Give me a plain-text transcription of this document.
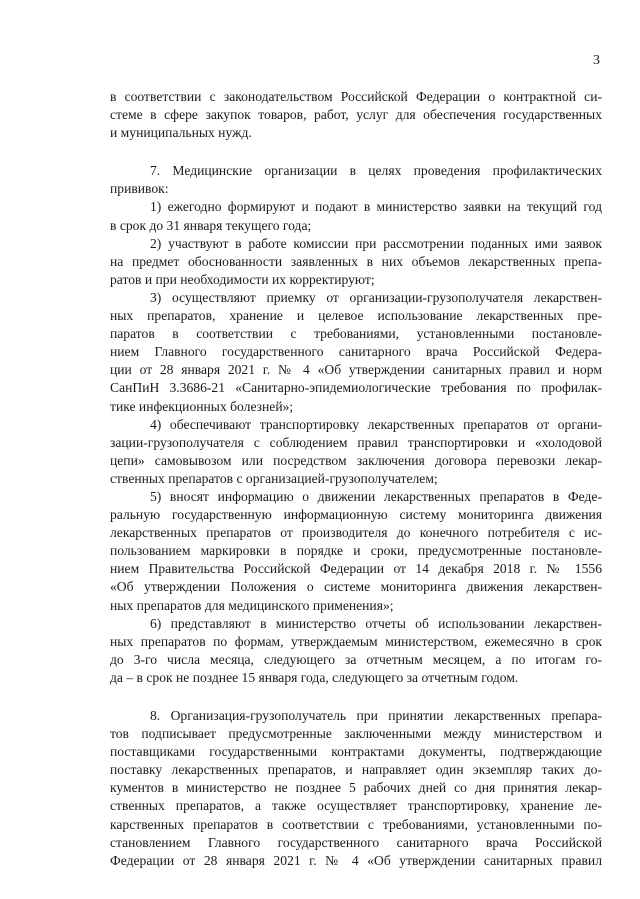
3
в соответствии с законодательством Российской Федерации о контрактной си-
стеме в сфере закупок товаров, работ, услуг для обеспечения государственных
и муниципальных нужд.
7. Медицинские организации в целях проведения профилактических
прививок:
1) ежегодно формируют и подают в министерство заявки на текущий год
в срок до 31 января текущего года;
2) участвуют в работе комиссии при рассмотрении поданных ими заявок
на предмет обоснованности заявленных в них объемов лекарственных препа-
ратов и при необходимости их корректируют;
3) осуществляют приемку от организации-грузополучателя лекарствен-
ных препаратов, хранение и целевое использование лекарственных пре-
паратов в соответствии с требованиями, установленными постановле-
нием Главного государственного санитарного врача Российской Федера-
ции от 28 января 2021 г. № 4 «Об утверждении санитарных правил и норм
СанПиН 3.3686-21 «Санитарно-эпидемиологические требования по профилак-
тике инфекционных болезней»;
4) обеспечивают транспортировку лекарственных препаратов от органи-
зации-грузополучателя с соблюдением правил транспортировки и «холодовой
цепи» самовывозом или посредством заключения договора перевозки лекар-
ственных препаратов с организацией-грузополучателем;
5) вносят информацию о движении лекарственных препаратов в Феде-
ральную государственную информационную систему мониторинга движения
лекарственных препаратов от производителя до конечного потребителя с ис-
пользованием маркировки в порядке и сроки, предусмотренные постановле-
нием Правительства Российской Федерации от 14 декабря 2018 г. № 1556
«Об утверждении Положения о системе мониторинга движения лекарствен-
ных препаратов для медицинского применения»;
6) представляют в министерство отчеты об использовании лекарствен-
ных препаратов по формам, утверждаемым министерством, ежемесячно в срок
до 3-го числа месяца, следующего за отчетным месяцем, а по итогам го-
да – в срок не позднее 15 января года, следующего за отчетным годом.
8. Организация-грузополучатель при принятии лекарственных препара-
тов подписывает предусмотренные заключенными между министерством и
поставщиками государственными контрактами документы, подтверждающие
поставку лекарственных препаратов, и направляет один экземпляр таких до-
кументов в министерство не позднее 5 рабочих дней со дня принятия лекар-
ственных препаратов, а также осуществляет транспортировку, хранение ле-
карственных препаратов в соответствии с требованиями, установленными по-
становлением Главного государственного санитарного врача Российской
Федерации от 28 января 2021 г. № 4 «Об утверждении санитарных правил
